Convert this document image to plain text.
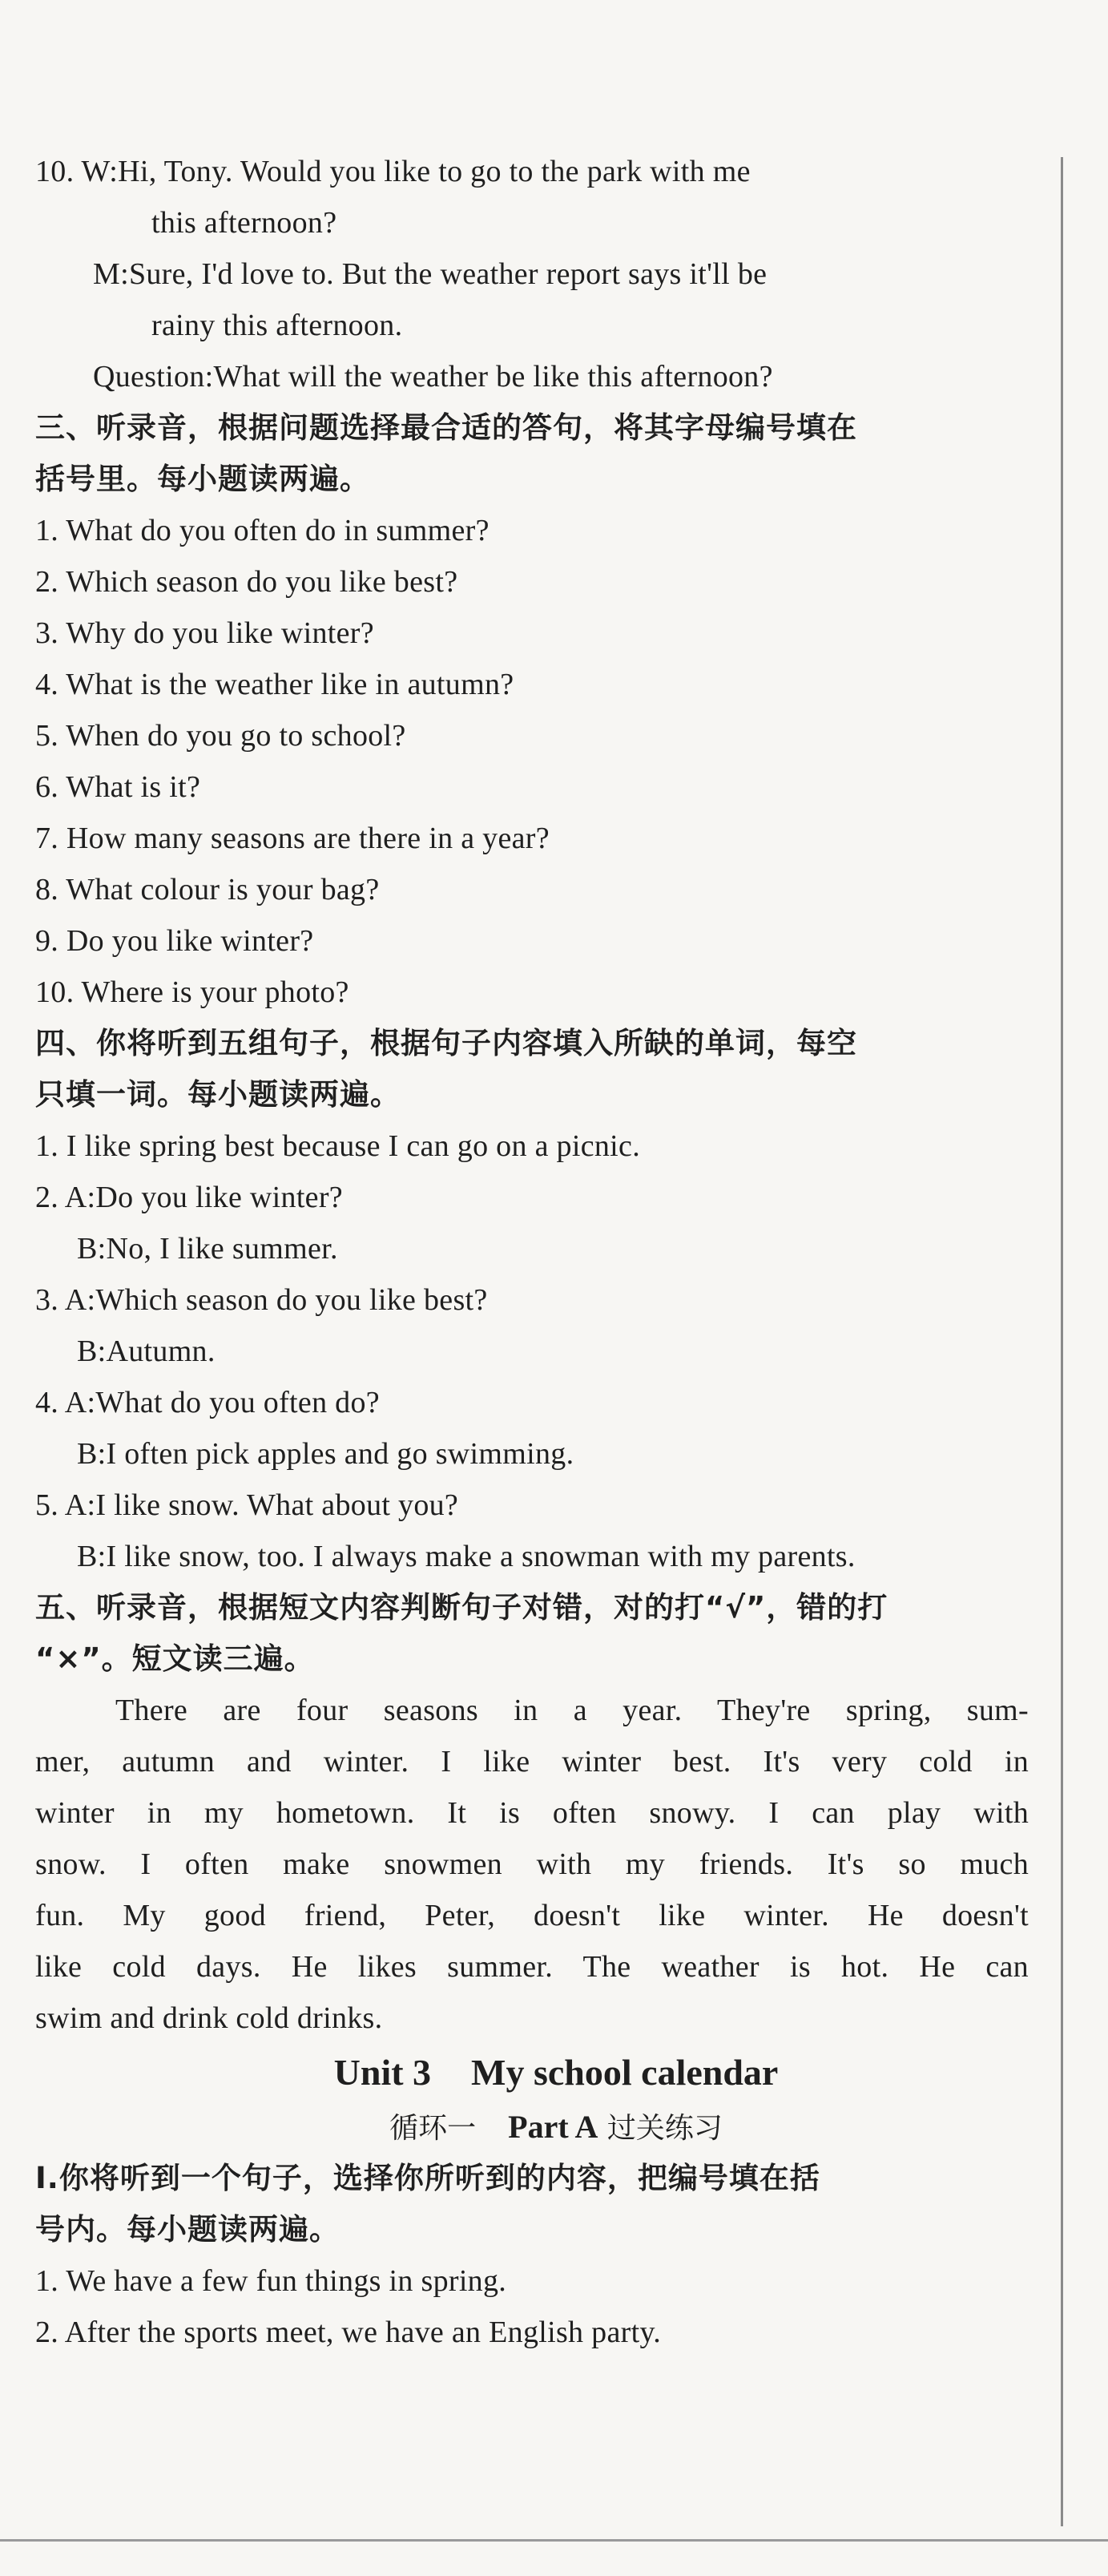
10. W:Hi, Tony. Would you like to go to the park with me
this afternoon?
M:Sure, I'd love to. But the weather report says it'll be
rainy this afternoon.
Question:What will the weather be like this afternoon?
三、听录音，根据问题选择最合适的答句，将其字母编号填在
括号里。每小题读两遍。
1. What do you often do in summer?
2. Which season do you like best?
3. Why do you like winter?
4. What is the weather like in autumn?
5. When do you go to school?
6. What is it?
7. How many seasons are there in a year?
8. What colour is your bag?
9. Do you like winter?
10. Where is your photo?
四、你将听到五组句子，根据句子内容填入所缺的单词，每空
只填一词。每小题读两遍。
1. I like spring best because I can go on a picnic.
2. A:Do you like winter?
B:No, I like summer.
3. A:Which season do you like best?
B:Autumn.
4. A:What do you often do?
B:I often pick apples and go swimming.
5. A:I like snow. What about you?
B:I like snow, too. I always make a snowman with my parents.
五、听录音，根据短文内容判断句子对错，对的打“√”，错的打
“×”。短文读三遍。
There are four seasons in a year. They're spring, sum-
mer, autumn and winter. I like winter best. It's very cold in
winter in my hometown. It is often snowy. I can play with
snow. I often make snowmen with my friends. It's so much
fun. My good friend, Peter, doesn't like winter. He doesn't
like cold days. He likes summer. The weather is hot. He can
swim and drink cold drinks.
Unit 3 My school calendar
循环一 Part A 过关练习
Ⅰ.你将听到一个句子，选择你所听到的内容，把编号填在括
号内。每小题读两遍。
1. We have a few fun things in spring.
2. After the sports meet, we have an English party.
